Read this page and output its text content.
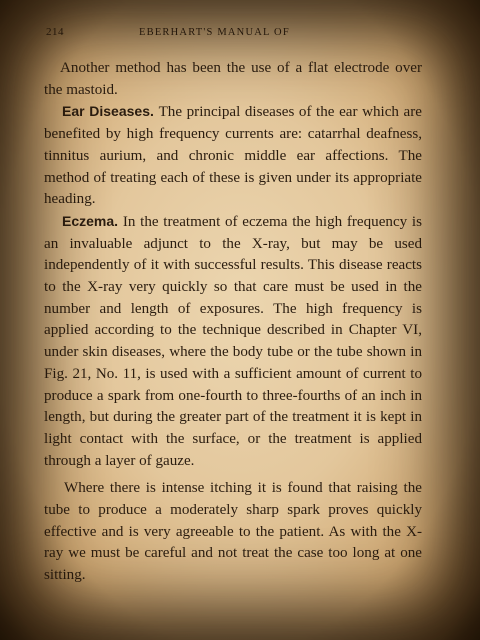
214	EBERHART'S MANUAL OF

Another method has been the use of a flat electrode over the mastoid.

Ear Diseases. The principal diseases of the ear which are benefited by high frequency currents are: catarrhal deafness, tinnitus aurium, and chronic middle ear affections. The method of treating each of these is given under its appropriate heading.

Eczema. In the treatment of eczema the high frequency is an invaluable adjunct to the X-ray, but may be used independently of it with successful results. This disease reacts to the X-ray very quickly so that care must be used in the number and length of exposures. The high frequency is applied according to the technique described in Chapter VI, under skin diseases, where the body tube or the tube shown in Fig. 21, No. 11, is used with a sufficient amount of current to produce a spark from one-fourth to three-fourths of an inch in length, but during the greater part of the treatment it is kept in light contact with the surface, or the treatment is applied through a layer of gauze.

Where there is intense itching it is found that raising the tube to produce a moderately sharp spark proves quickly effective and is very agreeable to the patient. As with the X-ray we must be careful and not treat the case too long at one sitting.
